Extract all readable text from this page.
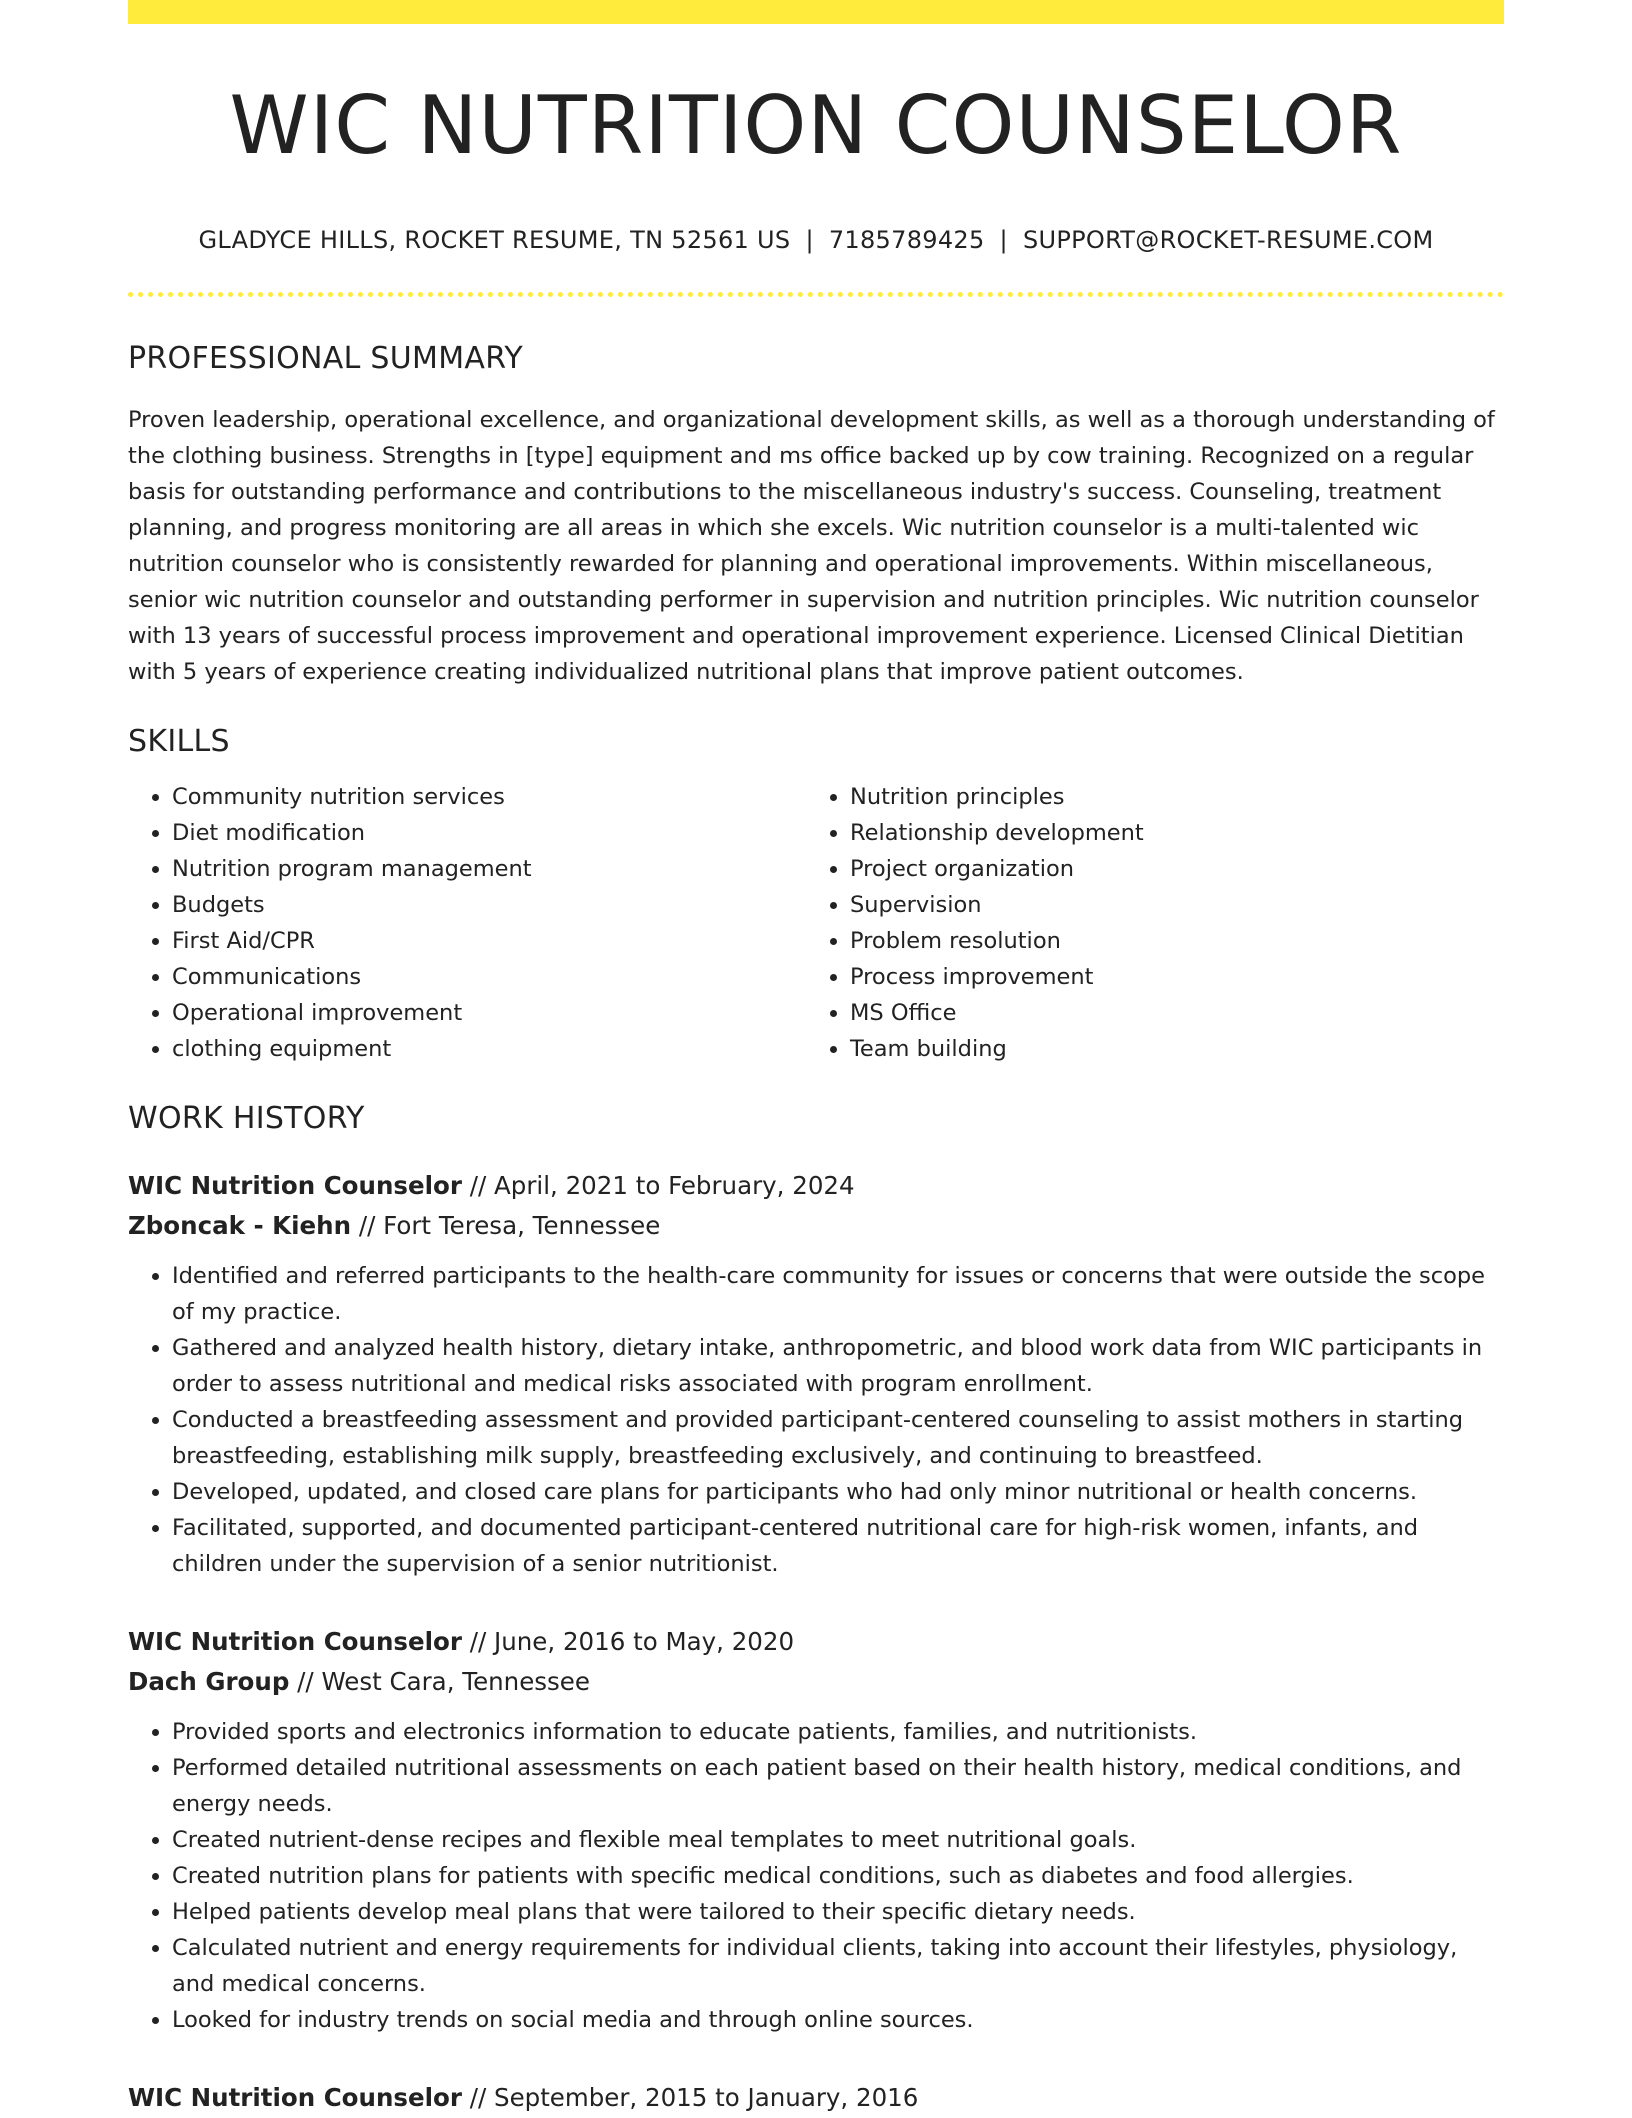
WIC NUTRITION COUNSELOR
GLADYCE HILLS, ROCKET RESUME, TN 52561 US | 7185789425 | SUPPORT@ROCKET-RESUME.COM
PROFESSIONAL SUMMARY

Proven leadership, operational excellence, and organizational development skills, as well as a thorough understanding of the clothing business. Strengths in [type] equipment and ms office backed up by cow training. Recognized on a regular basis for outstanding performance and contributions to the miscellaneous industry's success. Counseling, treatment planning, and progress monitoring are all areas in which she excels. Wic nutrition counselor is a multi-talented wic nutrition counselor who is consistently rewarded for planning and operational improvements. Within miscellaneous, senior wic nutrition counselor and outstanding performer in supervision and nutrition principles. Wic nutrition counselor with 13 years of successful process improvement and operational improvement experience. Licensed Clinical Dietitian with 5 years of experience creating individualized nutritional plans that improve patient outcomes.

SKILLS
• Community nutrition services
• Diet modification
• Nutrition program management
• Budgets
• First Aid/CPR
• Communications
• Operational improvement
• clothing equipment
• Nutrition principles
• Relationship development
• Project organization
• Supervision
• Problem resolution
• Process improvement
• MS Office
• Team building
WORK HISTORY
WIC Nutrition Counselor // April, 2021 to February, 2024
Zboncak - Kiehn // Fort Teresa, Tennessee
• Identified and referred participants to the health-care community for issues or concerns that were outside the scope of my practice.
• Gathered and analyzed health history, dietary intake, anthropometric, and blood work data from WIC participants in order to assess nutritional and medical risks associated with program enrollment.
• Conducted a breastfeeding assessment and provided participant-centered counseling to assist mothers in starting breastfeeding, establishing milk supply, breastfeeding exclusively, and continuing to breastfeed.
• Developed, updated, and closed care plans for participants who had only minor nutritional or health concerns.
• Facilitated, supported, and documented participant-centered nutritional care for high-risk women, infants, and children under the supervision of a senior nutritionist.
WIC Nutrition Counselor // June, 2016 to May, 2020
Dach Group // West Cara, Tennessee
• Provided sports and electronics information to educate patients, families, and nutritionists.
• Performed detailed nutritional assessments on each patient based on their health history, medical conditions, and energy needs.
• Created nutrient-dense recipes and flexible meal templates to meet nutritional goals.
• Created nutrition plans for patients with specific medical conditions, such as diabetes and food allergies.
• Helped patients develop meal plans that were tailored to their specific dietary needs.
• Calculated nutrient and energy requirements for individual clients, taking into account their lifestyles, physiology, and medical concerns.
• Looked for industry trends on social media and through online sources.
WIC Nutrition Counselor // September, 2015 to January, 2016
